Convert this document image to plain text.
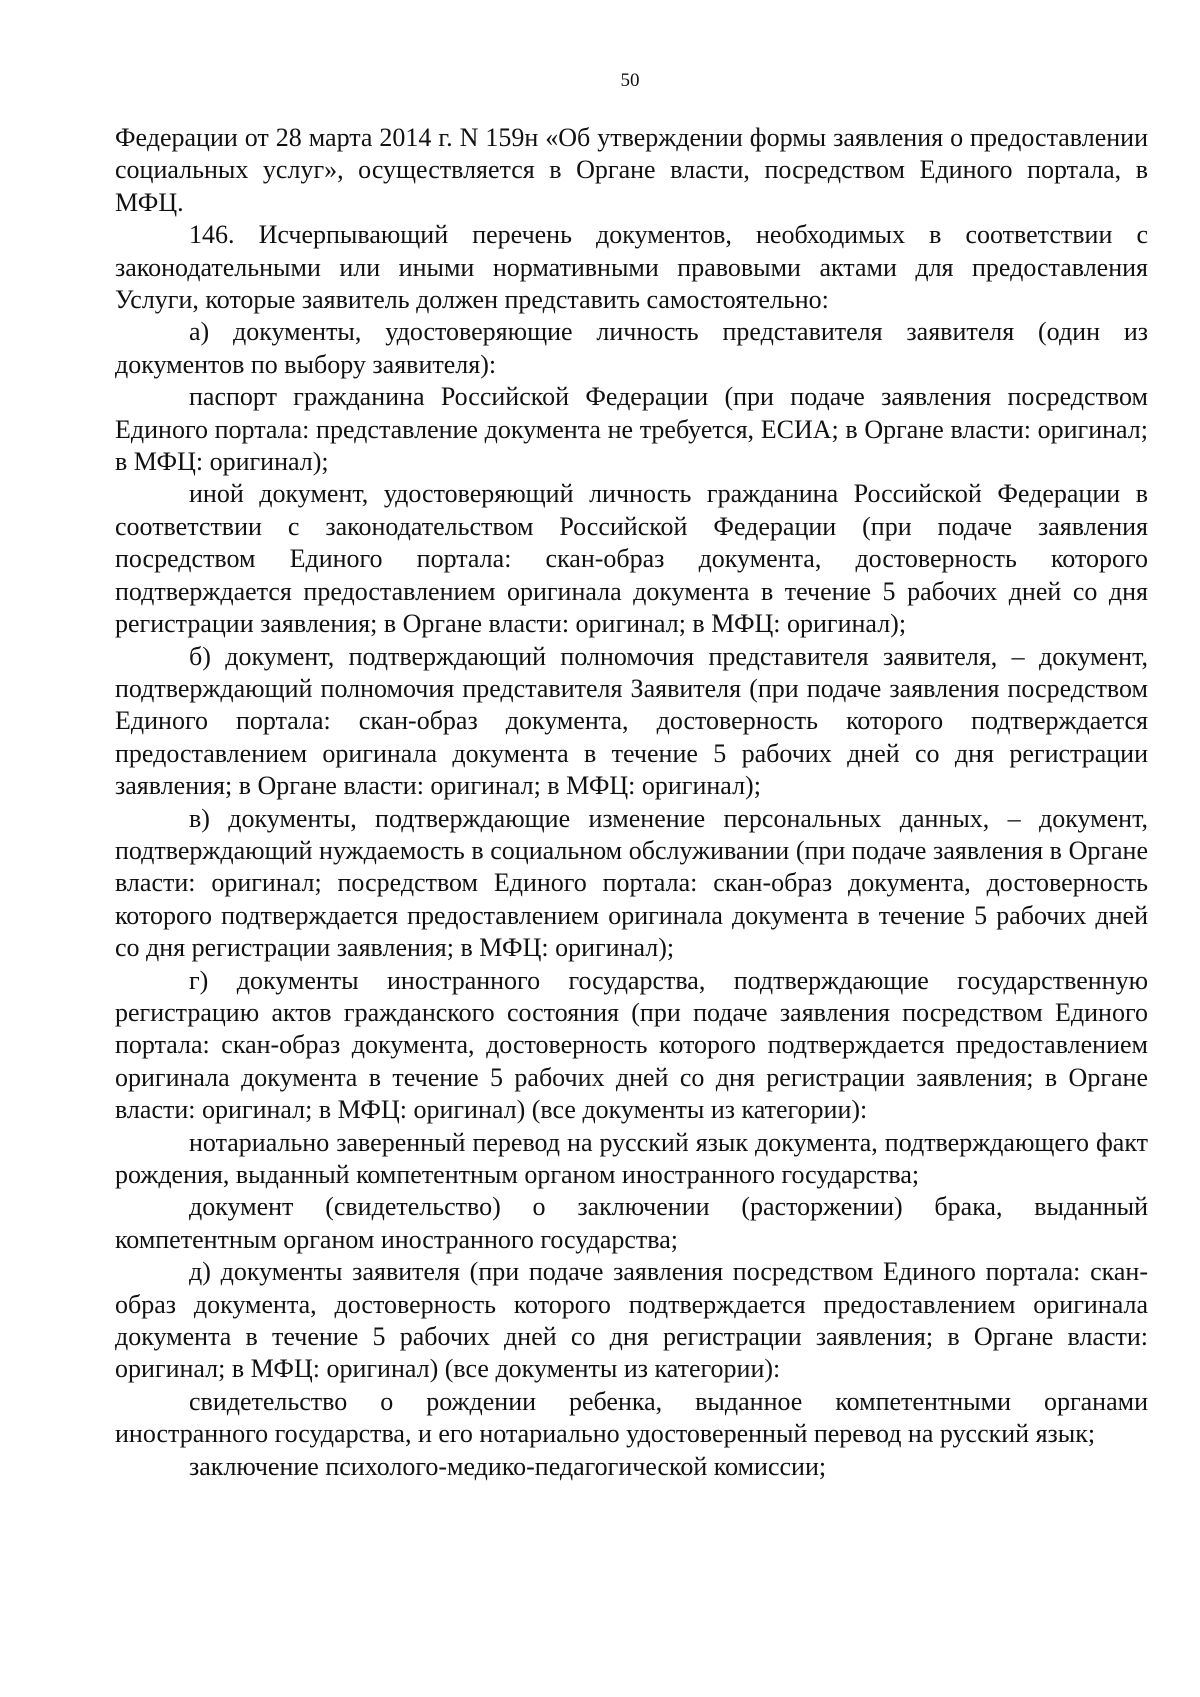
50

Федерации от 28 марта 2014 г. N 159н «Об утверждении формы заявления о предоставлении социальных услуг», осуществляется в Органе власти, посредством Единого портала, в МФЦ.

146. Исчерпывающий перечень документов, необходимых в соответствии с законодательными или иными нормативными правовыми актами для предоставления Услуги, которые заявитель должен представить самостоятельно:

а) документы, удостоверяющие личность представителя заявителя (один из документов по выбору заявителя):

паспорт гражданина Российской Федерации (при подаче заявления посредством Единого портала: представление документа не требуется, ЕСИА; в Органе власти: оригинал; в МФЦ: оригинал);

иной документ, удостоверяющий личность гражданина Российской Федерации в соответствии с законодательством Российской Федерации (при подаче заявления посредством Единого портала: скан-образ документа, достоверность которого подтверждается предоставлением оригинала документа в течение 5 рабочих дней со дня регистрации заявления; в Органе власти: оригинал; в МФЦ: оригинал);

б) документ, подтверждающий полномочия представителя заявителя, – документ, подтверждающий полномочия представителя Заявителя (при подаче заявления посредством Единого портала: скан-образ документа, достоверность которого подтверждается предоставлением оригинала документа в течение 5 рабочих дней со дня регистрации заявления; в Органе власти: оригинал; в МФЦ: оригинал);

в) документы, подтверждающие изменение персональных данных, – документ, подтверждающий нуждаемость в социальном обслуживании (при подаче заявления в Органе власти: оригинал; посредством Единого портала: скан-образ документа, достоверность которого подтверждается предоставлением оригинала документа в течение 5 рабочих дней со дня регистрации заявления; в МФЦ: оригинал);

г) документы иностранного государства, подтверждающие государственную регистрацию актов гражданского состояния (при подаче заявления посредством Единого портала: скан-образ документа, достоверность которого подтверждается предоставлением оригинала документа в течение 5 рабочих дней со дня регистрации заявления; в Органе власти: оригинал; в МФЦ: оригинал) (все документы из категории):

нотариально заверенный перевод на русский язык документа, подтверждающего факт рождения, выданный компетентным органом иностранного государства;

документ (свидетельство) о заключении (расторжении) брака, выданный компетентным органом иностранного государства;

д) документы заявителя (при подаче заявления посредством Единого портала: скан-образ документа, достоверность которого подтверждается предоставлением оригинала документа в течение 5 рабочих дней со дня регистрации заявления; в Органе власти: оригинал; в МФЦ: оригинал) (все документы из категории):

свидетельство о рождении ребенка, выданное компетентными органами иностранного государства, и его нотариально удостоверенный перевод на русский язык;

заключение психолого-медико-педагогической комиссии;
